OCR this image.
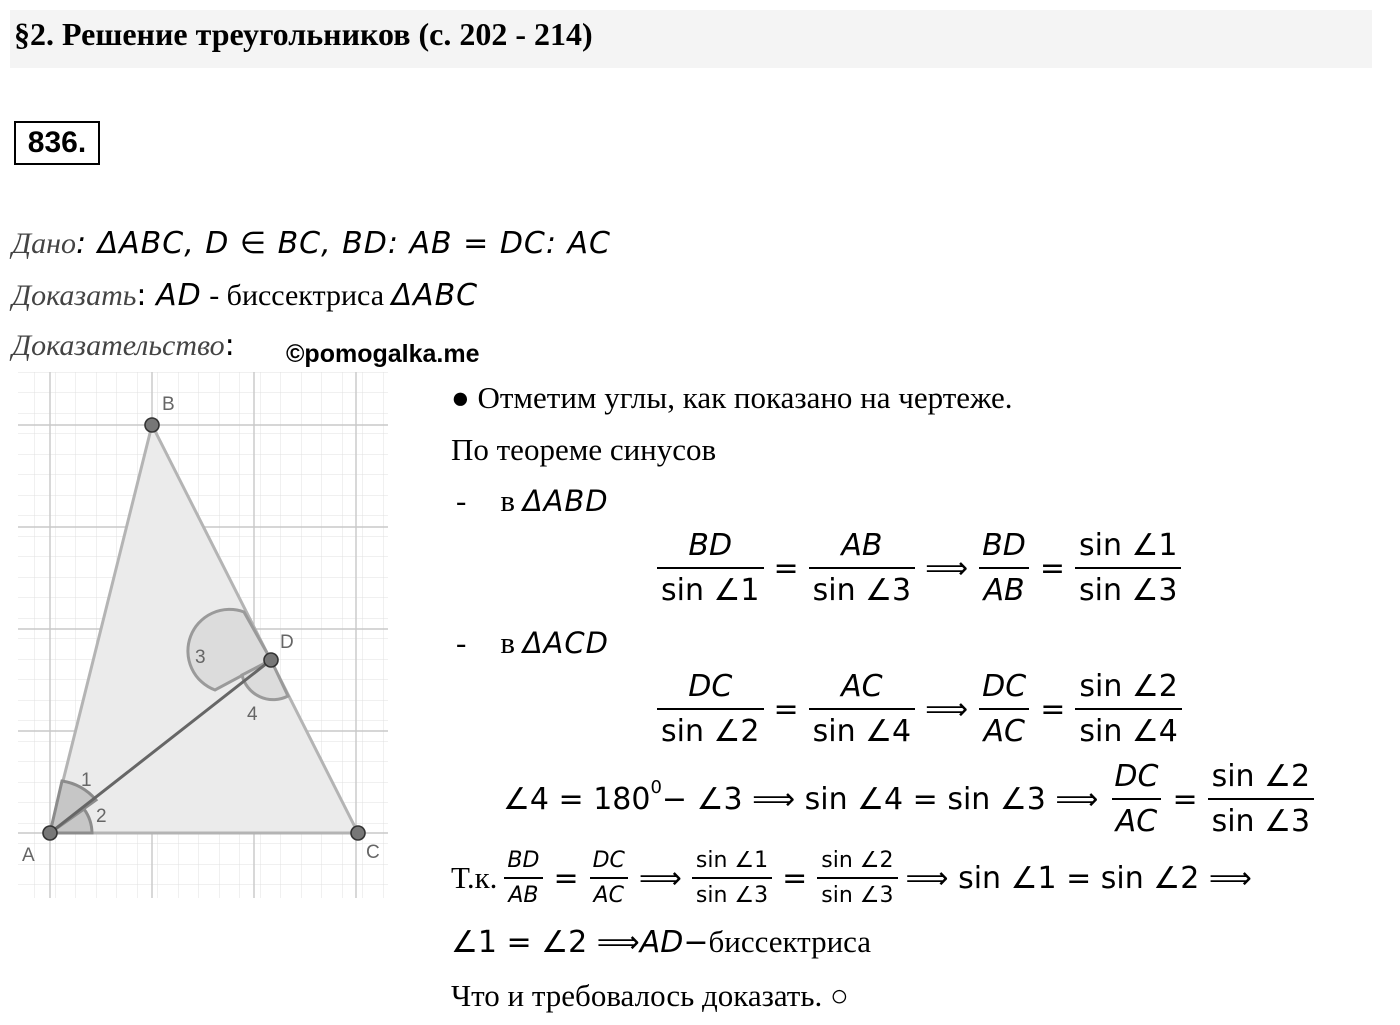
§2. Решение треугольников (с. 202 - 214)
836.
Дано: ΔABC, D ∈ BC, BD: AB = DC: AC
Доказать: AD - биссектриса ΔABC
Доказательство: ©pomogalka.me
A
B
C
D
1
2
3
4
● Отметим углы, как показано на чертеже.
По теореме синусов
- в ΔABD
$\frac{BD}{\sin \angle 1} = \frac{AB}{\sin \angle 3}$ ⟹ $\frac{BD}{AB} = \frac{\sin \angle 1}{\sin \angle 3}$
- в ΔACD
$\frac{DC}{\sin \angle 2} = \frac{AC}{\sin \angle 4}$ ⟹ $\frac{DC}{AC} = \frac{\sin \angle 2}{\sin \angle 4}$
∠4 = $180^0$ − ∠3 ⟹ sin ∠4 = sin ∠3 ⟹ $\frac{DC}{AC} = \frac{\sin \angle 2}{\sin \angle 3}$
Т.к. $\frac{BD}{AB} = \frac{DC}{AC}$ ⟹ $\frac{\sin \angle 1}{\sin \angle 3} = \frac{\sin \angle 2}{\sin \angle 3}$ ⟹ sin ∠1 = sin ∠2 ⟹
∠1 = ∠2 ⟹ AD − биссектриса
Что и требовалось доказать. ○
